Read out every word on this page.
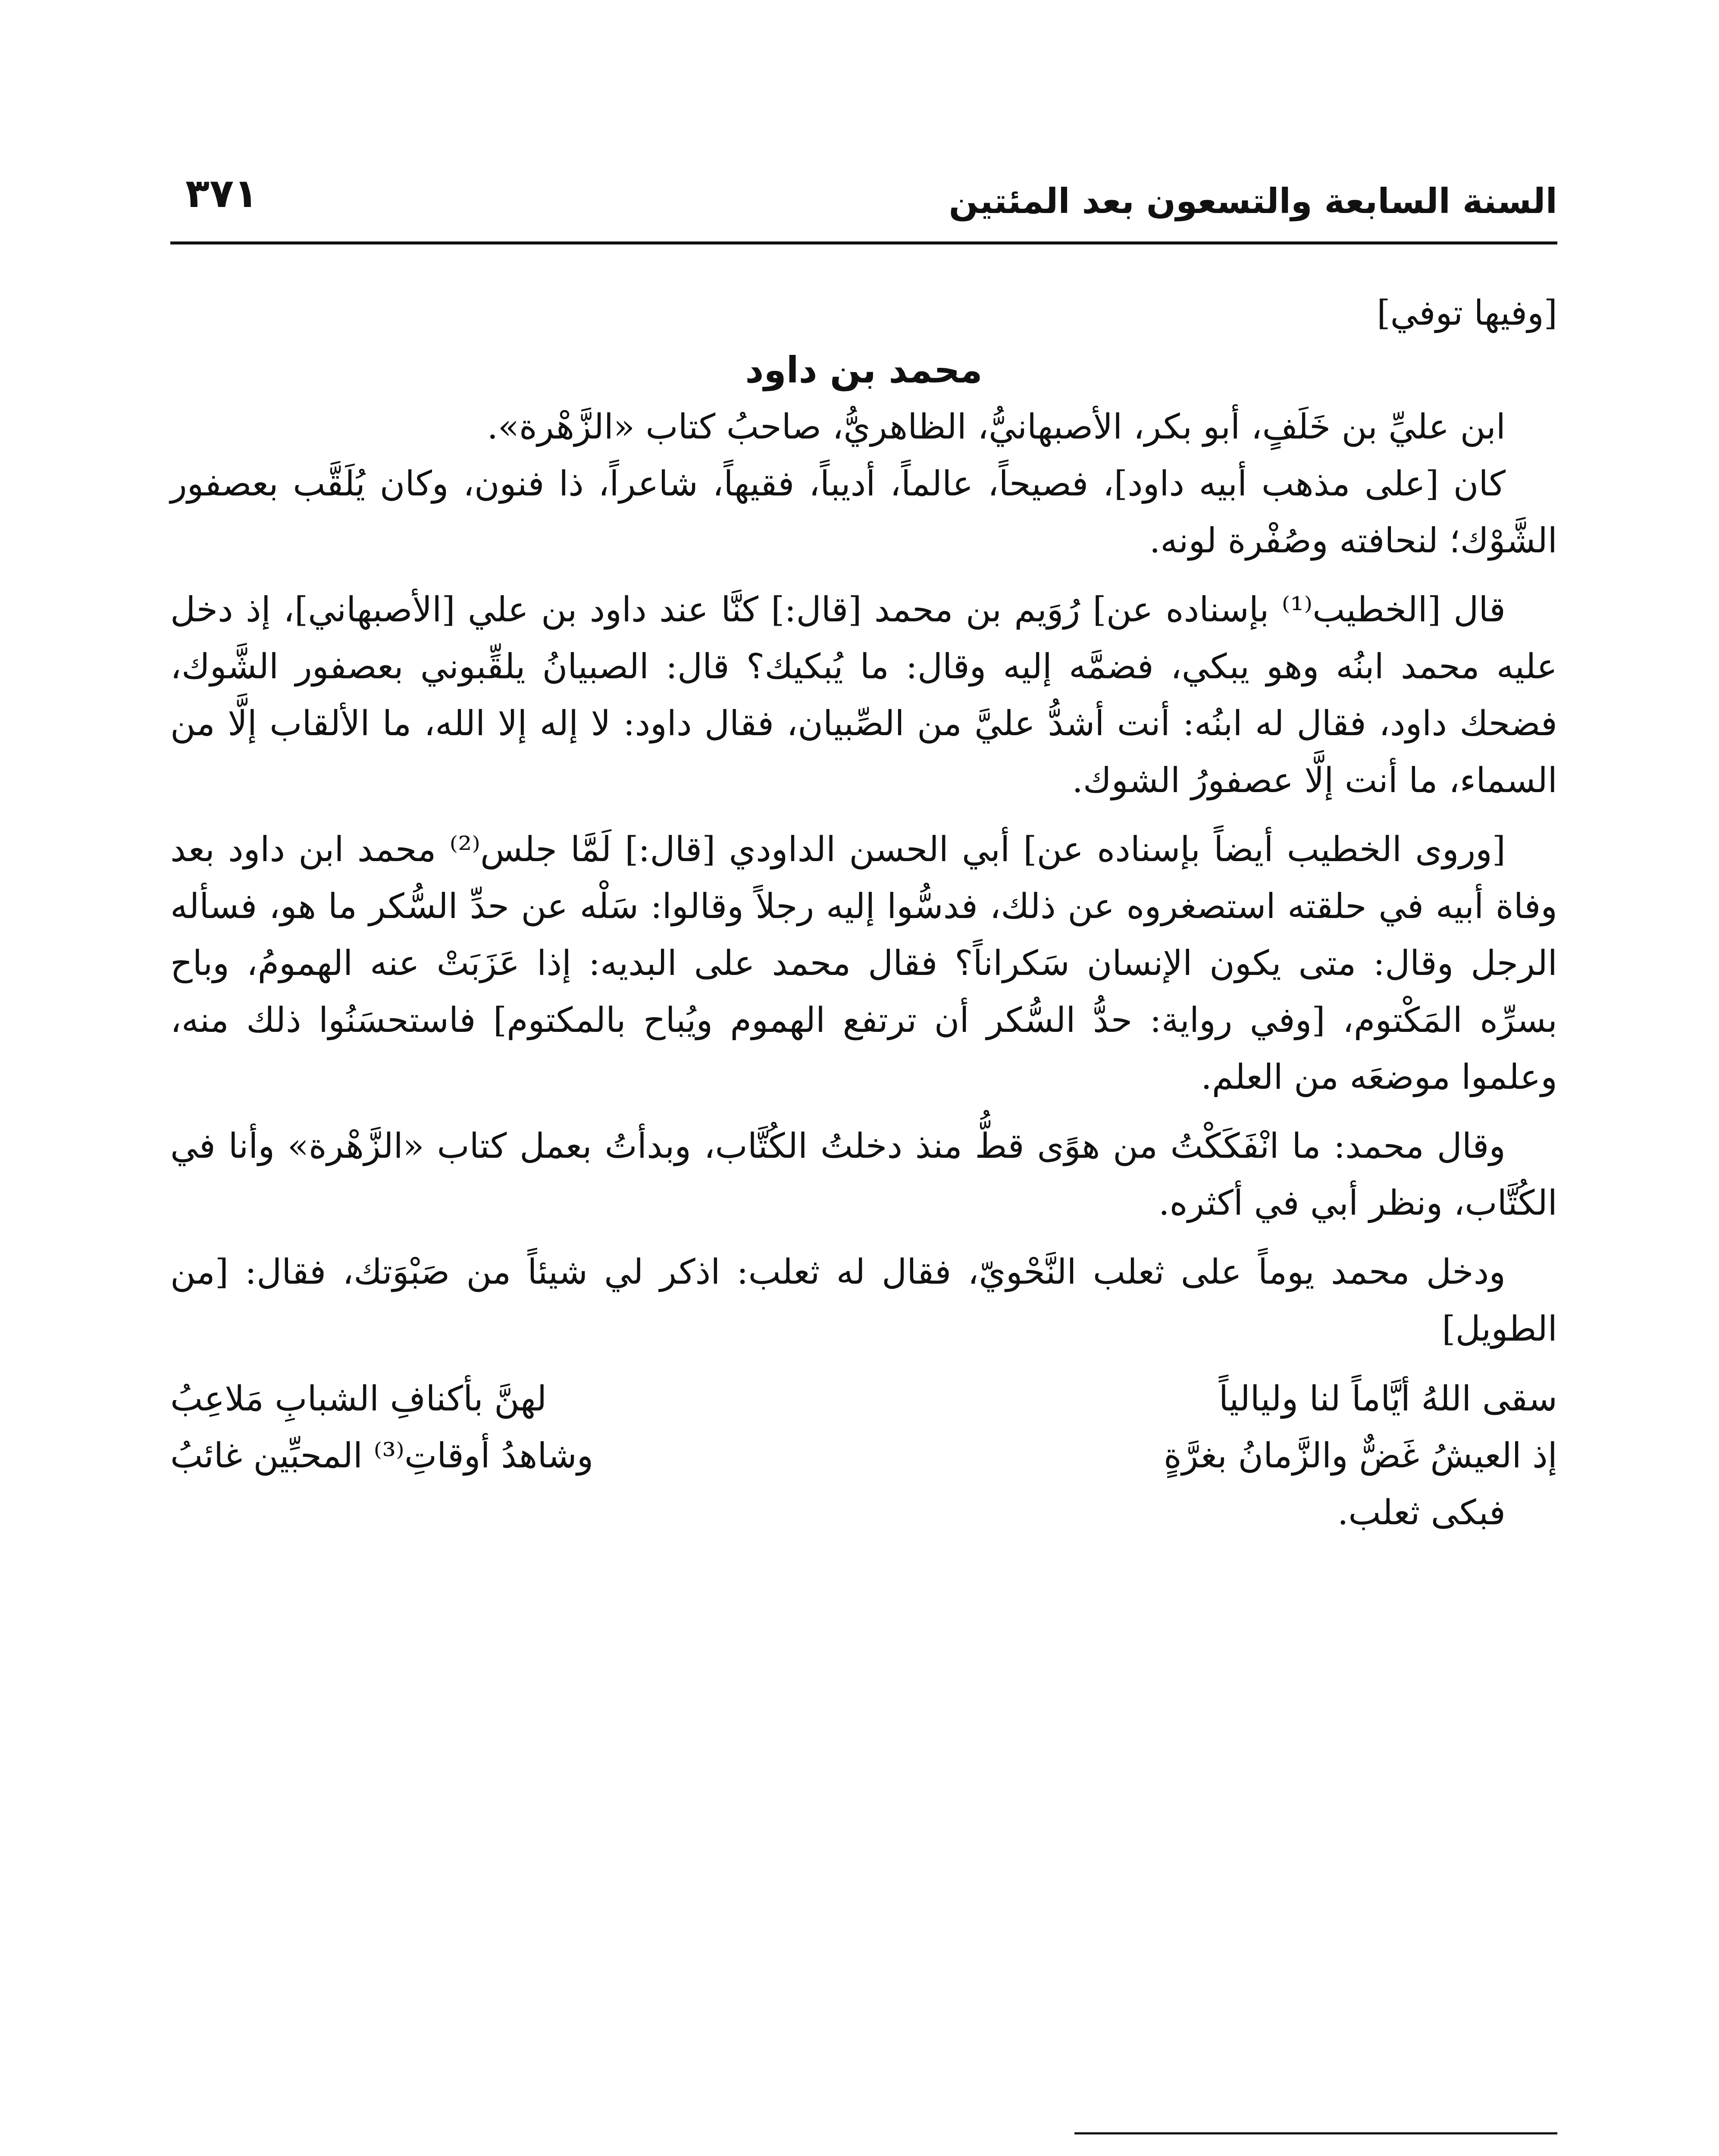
السنة السابعة والتسعون بعد المئتين
٣٧١

[وفيها توفي]

محمد بن داود

ابن عليِّ بن خَلَفٍ، أبو بكر، الأصبهانيُّ، الظاهريُّ، صاحبُ كتاب «الزَّهْرة».

كان [على مذهب أبيه داود]، فصيحاً، عالماً، أديباً، فقيهاً، شاعراً، ذا فنون، وكان يُلَقَّب بعصفور الشَّوْك؛ لنحافته وصُفْرة لونه.

قال [الخطيب⁽¹⁾ بإسناده عن] رُوَيم بن محمد [قال:] كنَّا عند داود بن علي [الأصبهاني]، إذ دخل عليه محمد ابنُه وهو يبكي، فضمَّه إليه وقال: ما يُبكيك؟ قال: الصبيانُ يلقِّبوني بعصفور الشَّوك، فضحك داود، فقال له ابنُه: أنت أشدُّ عليَّ من الصِّبيان، فقال داود: لا إله إلا الله، ما الألقاب إلَّا من السماء، ما أنت إلَّا عصفورُ الشوك.

[وروى الخطيب أيضاً بإسناده عن] أبي الحسن الداودي [قال:] لَمَّا جلس⁽²⁾ محمد ابن داود بعد وفاة أبيه في حلقته استصغروه عن ذلك، فدسُّوا إليه رجلاً وقالوا: سَلْه عن حدِّ السُّكر ما هو، فسأله الرجل وقال: متى يكون الإنسان سَكراناً؟ فقال محمد على البديه: إذا عَزَبَتْ عنه الهمومُ، وباح بسرِّه المَكْتوم، [وفي رواية: حدُّ السُّكر أن ترتفع الهموم ويُباح بالمكتوم] فاستحسَنُوا ذلك منه، وعلموا موضعَه من العلم.

وقال محمد: ما انْفَكَكْتُ من هوًى قطُّ منذ دخلتُ الكُتَّاب، وبدأتُ بعمل كتاب «الزَّهْرة» وأنا في الكُتَّاب، ونظر أبي في أكثره.

ودخل محمد يوماً على ثعلب النَّحْويّ، فقال له ثعلب: اذكر لي شيئاً من صَبْوَتك، فقال: [من الطويل]

سقى اللهُ أيَّاماً لنا وليالياً
لهنَّ بأكنافِ الشبابِ مَلاعِبُ
إذ العيشُ غَضٌّ والزَّمانُ بغرَّةٍ
وشاهدُ أوقاتِ⁽³⁾ المحبِّين غائبُ

فبكى ثعلب.
